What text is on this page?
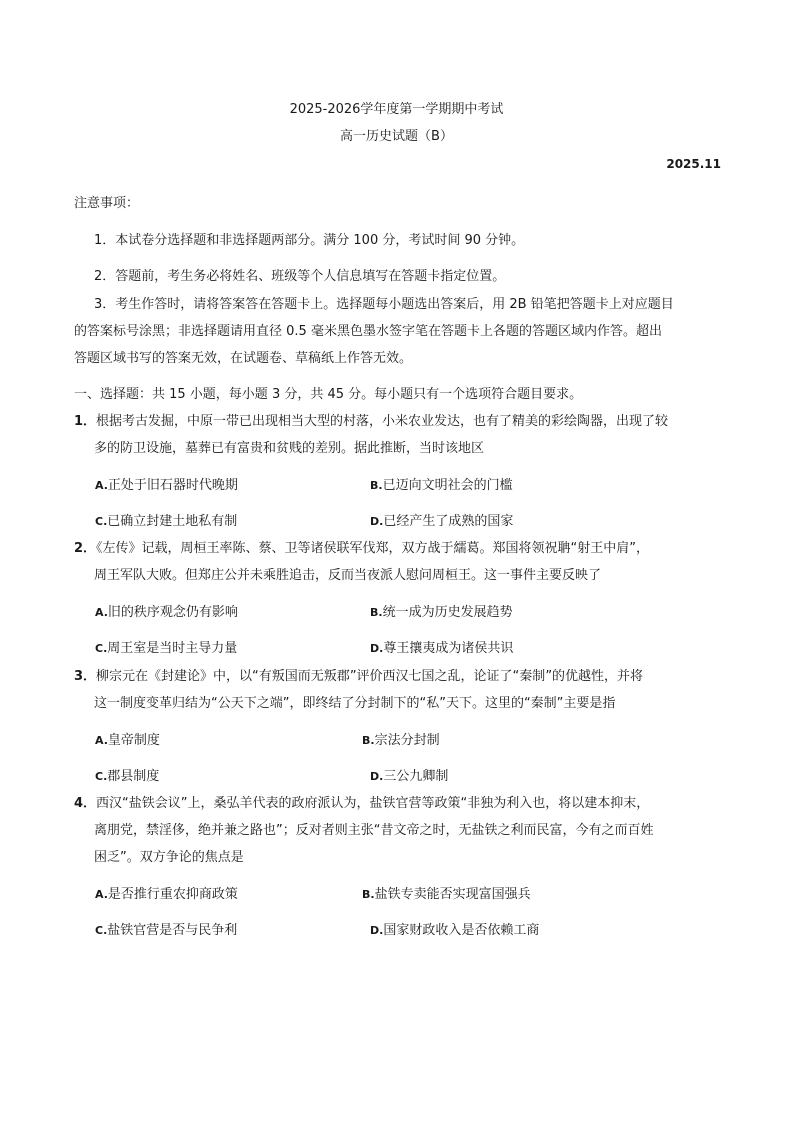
2025-2026学年度第一学期期中考试
高一历史试题（B）
2025.11
注意事项：
1．本试卷分选择题和非选择题两部分。满分 100 分，考试时间 90 分钟。
2．答题前，考生务必将姓名、班级等个人信息填写在答题卡指定位置。
3．考生作答时，请将答案答在答题卡上。选择题每小题选出答案后，用 2B 铅笔把答题卡上对应题目
的答案标号涂黑；非选择题请用直径 0.5 毫米黑色墨水签字笔在答题卡上各题的答题区域内作答。超出
答题区域书写的答案无效，在试题卷、草稿纸上作答无效。
一、选择题：共 15 小题，每小题 3 分，共 45 分。每小题只有一个选项符合题目要求。
1．根据考古发掘，中原一带已出现相当大型的村落，小米农业发达，也有了精美的彩绘陶器，出现了较
多的防卫设施，墓葬已有富贵和贫贱的差别。据此推断，当时该地区
A.正处于旧石器时代晚期	B.已迈向文明社会的门槛
C.已确立封建土地私有制	D.已经产生了成熟的国家
2．《左传》记载，周桓王率陈、蔡、卫等诸侯联军伐郑，双方战于繻葛。郑国将领祝聃“射王中肩”，
周王军队大败。但郑庄公并未乘胜追击，反而当夜派人慰问周桓王。这一事件主要反映了
A.旧的秩序观念仍有影响	B.统一成为历史发展趋势
C.周王室是当时主导力量	D.尊王攘夷成为诸侯共识
3．柳宗元在《封建论》中，以“有叛国而无叛郡”评价西汉七国之乱，论证了“秦制”的优越性，并将
这一制度变革归结为“公天下之端”，即终结了分封制下的“私”天下。这里的“秦制”主要是指
A.皇帝制度	B.宗法分封制
C.郡县制度	D.三公九卿制
4．西汉“盐铁会议”上，桑弘羊代表的政府派认为，盐铁官营等政策“非独为利入也，将以建本抑末，
离朋党，禁淫侈，绝并兼之路也”；反对者则主张“昔文帝之时，无盐铁之利而民富，今有之而百姓
困乏”。双方争论的焦点是
A.是否推行重农抑商政策	B.盐铁专卖能否实现富国强兵
C.盐铁官营是否与民争利	D.国家财政收入是否依赖工商
